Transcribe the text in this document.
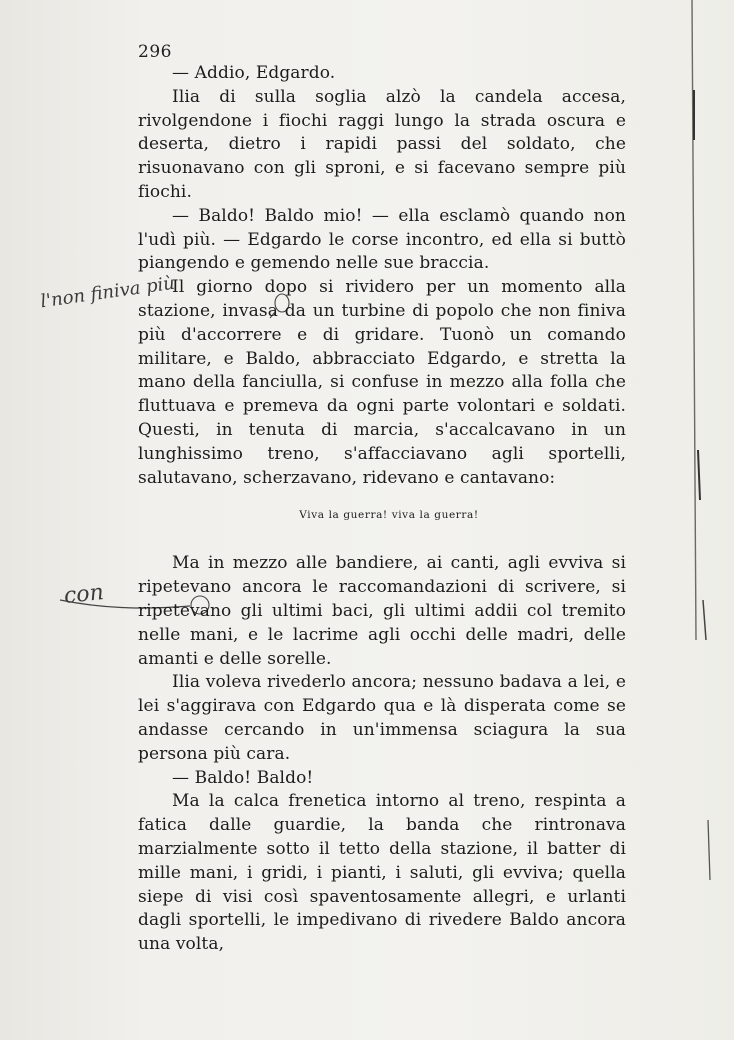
296

— Addio, Edgardo.

Ilia di sulla soglia alzò la candela accesa, rivolgendone i fiochi raggi lungo la strada oscura e deserta, dietro i rapidi passi del soldato, che risuonavano con gli sproni, e si facevano sempre più fiochi.

— Baldo! Baldo mio! — ella esclamò quando non l'udì più. — Edgardo le corse incontro, ed ella si buttò piangendo e gemendo nelle sue braccia.

Il giorno dopo si rividero per un momento alla stazione, invasa da un turbine di popolo che non finiva più d'accorrere e di gridare. Tuonò un comando militare, e Baldo, abbracciato Edgardo, e stretta la mano della fanciulla, si confuse in mezzo alla folla che fluttuava e premeva da ogni parte volontari e soldati. Questi, in tenuta di marcia, s'accalcavano in un lunghissimo treno, s'affacciavano agli sportelli, salutavano, scherzavano, ridevano e cantavano:

Viva la guerra! viva la guerra!

Ma in mezzo alle bandiere, ai canti, agli evviva si ripetevano ancora le raccomandazioni di scrivere, si ripetevano gli ultimi baci, gli ultimi addii col tremito nelle mani, e le lacrime agli occhi delle madri, delle amanti e delle sorelle.

Ilia voleva rivederlo ancora; nessuno badava a lei, e lei s'aggirava con Edgardo qua e là disperata come se andasse cercando in un'immensa sciagura la sua persona più cara.

— Baldo! Baldo!

Ma la calca frenetica intorno al treno, respinta a fatica dalle guardie, la banda che rintronava marzialmente sotto il tetto della stazione, il batter di mille mani, i gridi, i pianti, i saluti, gli evviva; quella siepe di visi così spaventosamente allegri, e urlanti dagli sportelli, le impedivano di rivedere Baldo ancora una volta,

l'non finiva più
con
